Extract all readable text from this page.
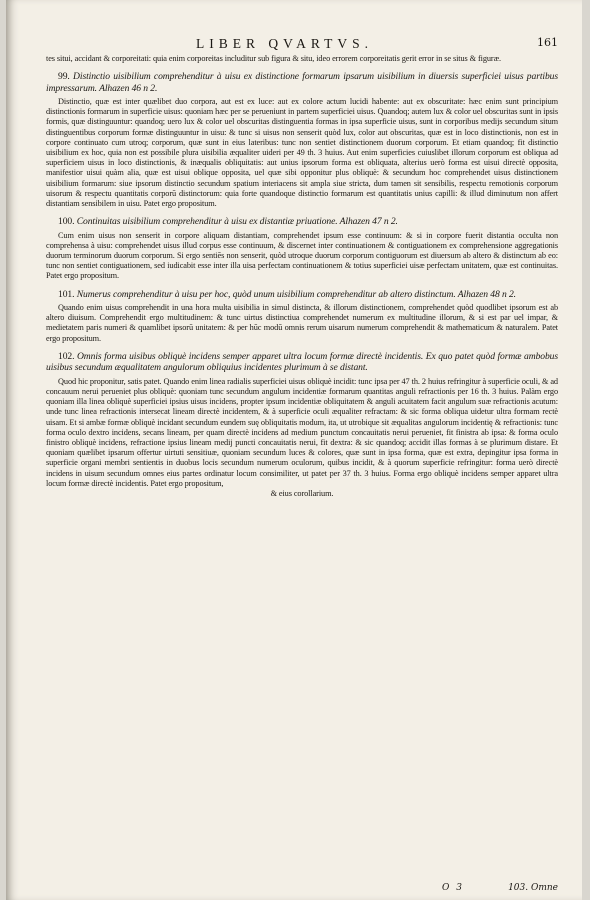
LIBER QVARTVS.	161

tes situi, accidant & corporeitati: quia enim corporeitas includitur sub figura & situ, ideo errorem corporeitatis gerit error in se situs & figuræ.

99. Distinctio uisibilium comprehenditur à uisu ex distinctione formarum ipsarum uisibilium in diuersis superficiei uisus partibus impressarum. Alhazen 46 n 2.

Distinctio, quæ est inter quælibet duo corpora, aut est ex luce: aut ex colore actum lucidi habente: aut ex obscuritate: hæc enim sunt principium distinctionis formarum in superficie uisus: quoniam hæc per se perueniunt in partem superficiei uisus. Quandoq; autem lux & color uel obscuritas sunt in ipsis formis, quæ distinguuntur: quandoq; uero lux & color uel obscuritas distinguentia formas in ipsa superficie uisus, sunt in corporibus medijs secundum situm distinguentibus corporum formæ distinguuntur in uisu: & tunc si uisus non senserit quòd lux, color aut obscuritas, quæ est in loco distinctionis, non est in corpore continuato cum utroq; corporum, quæ sunt in eius lateribus: tunc non sentiet distinctionem duorum corporum. Et etiam quandoq; fit distinctio uisibilium ex hoc, quia non est possibile plura uisibilia æqualiter uideri per 49 th. 3 huius. Aut enim superficies cuiuslibet illorum corporum est obliqua ad superficiem uisus in loco distinctionis, & inæqualis obliquitatis: aut unius ipsorum forma est obliquata, alterius uerò forma est uisui directè opposita, manifestior uisui quàm alia, quæ est uisui oblique opposita, uel quæ sibi opponitur plus obliquè: & secundum hoc comprehendet uisus distinctionem uisibilium formarum: siue ipsorum distinctio secundum spatium interiacens sit ampla siue stricta, dum tamen sit sensibilis, respectu remotionis corporum uisorum & respectu quantitatis corporū distinctorum: quia forte quandoque distinctio formarum est quantitatis unius capilli: & illud diminutum non affert distantiam sensibilem in uisu. Patet ergo propositum.

100. Continuitas uisibilium comprehenditur à uisu ex distantiæ priuatione. Alhazen 47 n 2.

Cum enim uisus non senserit in corpore aliquam distantiam, comprehendet ipsum esse continuum: & si in corpore fuerit distantia occulta non comprehensa à uisu: comprehendet uisus illud corpus esse continuum, & discernet inter continuationem & contiguationem ex comprehensione aggregationis duorum terminorum duorum corporum. Si ergo sentiēs non senserit, quòd utroque duorum corporum contiguorum est diuersum ab altero & distinctum ab eo: tunc non sentiet contiguationem, sed iudicabit esse inter illa uisa perfectam continuationem & totius superficiei uisæ perfectam unitatem, quæ est continuitas. Patet ergo propositum.

101. Numerus comprehenditur à uisu per hoc, quòd unum uisibilium comprehenditur ab altero distinctum. Alhazen 48 n 2.

Quando enim uisus comprehendit in una hora multa uisibilia in simul distincta, & illorum distinctionem, comprehendet quòd quodlibet ipsorum est ab altero diuisum. Comprehendit ergo multitudinem: & tunc uirtus distinctiua comprehendet numerum ex multitudine illorum, & si est par uel impar, & medietatem paris numeri & quamlibet ipsorū unitatem: & per hūc modū omnis rerum uisarum numerum comprehendit & mathematicum & naturalem. Patet ergo propositum.

102. Omnis forma uisibus obliquè incidens semper apparet ultra locum formæ directè incidentis. Ex quo patet quòd formæ ambobus uisibus secundum æqualitatem angulorum obliquius incidentes plurimum à se distant.

Quod hic proponitur, satis patet. Quando enim linea radialis superficiei uisus obliquè incidit: tunc ipsa per 47 th. 2 huius refringitur à superficie oculi, & ad concauum nerui perueniet plus obliquè: quoniam tunc secundum angulum incidentiæ formarum quantitas anguli refractionis per 16 th. 3 huius. Palàm ergo quoniam illa linea obliquè superficiei ipsius uisus incidens, propter ipsum incidentiæ obliquitatem & anguli acuitatem facit angulum suæ refractionis acutum: unde tunc linea refractionis intersecat lineam directè incidentem, & à superficie oculi æqualiter refractam: & sic forma obliqua uidetur ultra formam rectè uisam. Et si ambæ formæ obliquè incidant secundum eundem suę obliquitatis modum, ita, ut utrobique sit æqualitas angulorum incidentię & refractionis: tunc forma oculo dextro incidens, secans lineam, per quam directè incidens ad medium punctum concauitatis nerui perueniet, fit finistra ab ipsa: & forma oculo finistro obliquè incidens, refractione ipsius lineam medij puncti concauitatis nerui, fit dextra: & sic quandoq; accidit illas formas à se plurimum distare. Et quoniam quælibet ipsarum offertur uirtuti sensitiuæ, quoniam secundum luces & colores, quæ sunt in ipsa forma, quæ est extra, depingitur ipsa forma in superficie organi membri sentientis in duobus locis secundum numerum oculorum, quibus incidit, & à quorum superficie refringitur: forma uerò directè incidens in uisum secundum omnes eius partes ordinatur locum consimiliter, ut patet per 37 th. 3 huius. Forma ergo obliquè incidens semper apparet ultra locum formæ directè incidentis. Patet ergo propositum,

& eius corollarium.

O 3	103. Omne
